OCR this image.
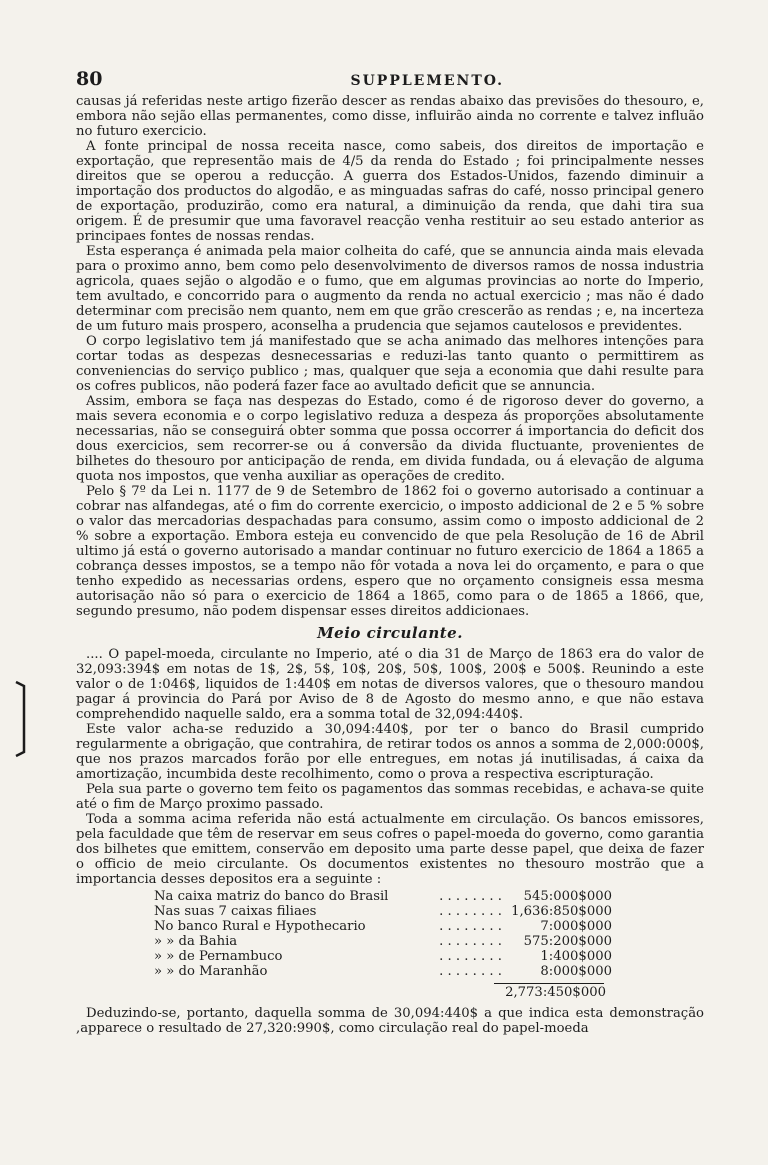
80	SUPPLEMENTO.

causas já referidas neste artigo fizerão descer as rendas abaixo das previsões do thesouro, e, embora não sejão ellas permanentes, como disse, influirão ainda no corrente e talvez influão no futuro exercicio.

A fonte principal de nossa receita nasce, como sabeis, dos direitos de importação e exportação, que representão mais de 4/5 da renda do Estado ; foi principalmente nesses direitos que se operou a reducção. A guerra dos Estados-Unidos, fazendo diminuir a importação dos productos do algodão, e as minguadas safras do café, nosso principal genero de exportação, produzirão, como era natural, a diminuição da renda, que dahi tira sua origem. É de presumir que uma favoravel reacção venha restituir ao seu estado anterior as principaes fontes de nossas rendas.

Esta esperança é animada pela maior colheita do café, que se annuncia ainda mais elevada para o proximo anno, bem como pelo desenvolvimento de diversos ramos de nossa industria agricola, quaes sejão o algodão e o fumo, que em algumas provincias ao norte do Imperio, tem avultado, e concorrido para o augmento da renda no actual exercicio ; mas não é dado determinar com precisão nem quanto, nem em que grão crescerão as rendas ; e, na incerteza de um futuro mais prospero, aconselha a prudencia que sejamos cautelosos e previdentes.

O corpo legislativo tem já manifestado que se acha animado das melhores intenções para cortar todas as despezas desnecessarias e reduzi-las tanto quanto o permittirem as conveniencias do serviço publico ; mas, qualquer que seja a economia que dahi resulte para os cofres publicos, não poderá fazer face ao avultado deficit que se annuncia.

Assim, embora se faça nas despezas do Estado, como é de rigoroso dever do governo, a mais severa economia e o corpo legislativo reduza a despeza ás proporções absolutamente necessarias, não se conseguirá obter somma que possa occorrer á importancia do deficit dos dous exercicios, sem recorrer-se ou á conversão da divida fluctuante, provenientes de bilhetes do thesouro por anticipação de renda, em divida fundada, ou á elevação de alguma quota nos impostos, que venha auxiliar as operações de credito.

Pelo § 7º da Lei n. 1177 de 9 de Setembro de 1862 foi o governo autorisado a continuar a cobrar nas alfandegas, até o fim do corrente exercicio, o imposto addicional de 2 e 5 % sobre o valor das mercadorias despachadas para consumo, assim como o imposto addicional de 2 % sobre a exportação. Embora esteja eu convencido de que pela Resolução de 16 de Abril ultimo já está o governo autorisado a mandar continuar no futuro exercicio de 1864 a 1865 a cobrança desses impostos, se a tempo não fôr votada a nova lei do orçamento, e para o que tenho expedido as necessarias ordens, espero que no orçamento consigneis essa mesma autorisação não só para o exercicio de 1864 a 1865, como para o de 1865 a 1866, que, segundo presumo, não podem dispensar esses direitos addicionaes.

Meio circulante.

.... O papel-moeda, circulante no Imperio, até o dia 31 de Março de 1863 era do valor de 32,093:394$ em notas de 1$, 2$, 5$, 10$, 20$, 50$, 100$, 200$ e 500$. Reunindo a este valor o de 1:046$, liquidos de 1:440$ em notas de diversos valores, que o thesouro mandou pagar á provincia do Pará por Aviso de 8 de Agosto do mesmo anno, e que não estava comprehendido naquelle saldo, era a somma total de 32,094:440$.

Este valor acha-se reduzido a 30,094:440$, por ter o banco do Brasil cumprido regularmente a obrigação, que contrahira, de retirar todos os annos a somma de 2,000:000$, que nos prazos marcados forão por elle entregues, em notas já inutilisadas, á caixa da amortização, incumbida deste recolhimento, como o prova a respectiva escripturação.

Pela sua parte o governo tem feito os pagamentos das sommas recebidas, e achava-se quite até o fim de Março proximo passado.

Toda a somma acima referida não está actualmente em circulação. Os bancos emissores, pela faculdade que têm de reservar em seus cofres o papel-moeda do governo, como garantia dos bilhetes que emittem, conservão em deposito uma parte desse papel, que deixa de fazer o officio de meio circulante. Os documentos existentes no thesouro mostrão que a importancia desses depositos era a seguinte :

Na caixa matriz do banco do Brasil	. . . . . . . .	545:000$000
Nas suas 7 caixas filiaes	. . . . . . . . 1,636:850$000
No banco Rural e Hypothecario	. . . . . . . .	7:000$000
» » da Bahia	. . . . . . . .	575:200$000
» » de Pernambuco	. . . . . . . .	1:400$000
» » do Maranhão	. . . . . . . .	8:000$000
2,773:450$000

Deduzindo-se, portanto, daquella somma de 30,094:440$ a que indica esta demonstração ,apparece o resultado de 27,320:990$, como circulação real do papel-moeda
